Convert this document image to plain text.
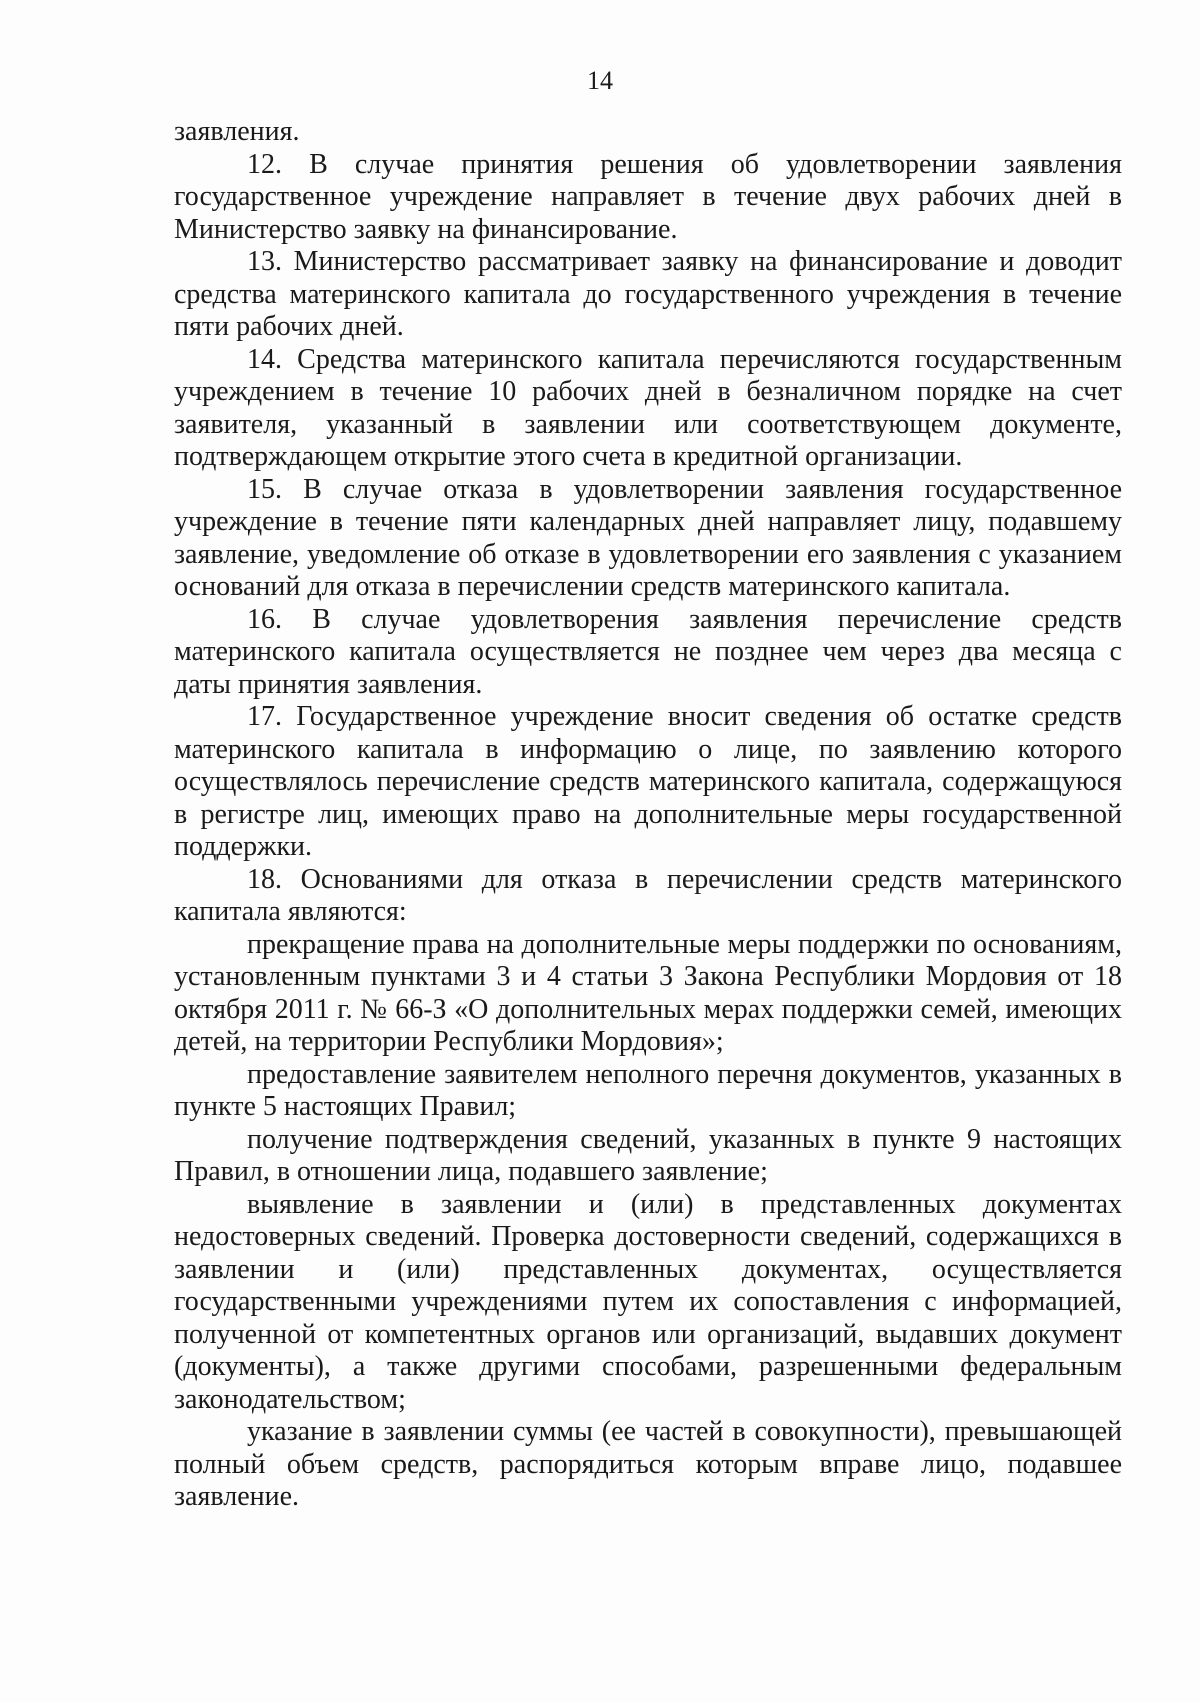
14

заявления.

12. В случае принятия решения об удовлетворении заявления государственное учреждение направляет в течение двух рабочих дней в Министерство заявку на финансирование.

13. Министерство рассматривает заявку на финансирование и доводит средства материнского капитала до государственного учреждения в течение пяти рабочих дней.

14. Средства материнского капитала перечисляются государственным учреждением в течение 10 рабочих дней в безналичном порядке на счет заявителя, указанный в заявлении или соответствующем документе, подтверждающем открытие этого счета в кредитной организации.

15. В случае отказа в удовлетворении заявления государственное учреждение в течение пяти календарных дней направляет лицу, подавшему заявление, уведомление об отказе в удовлетворении его заявления с указанием оснований для отказа в перечислении средств материнского капитала.

16. В случае удовлетворения заявления перечисление средств материнского капитала осуществляется не позднее чем через два месяца с даты принятия заявления.

17. Государственное учреждение вносит сведения об остатке средств материнского капитала в информацию о лице, по заявлению которого осуществлялось перечисление средств материнского капитала, содержащуюся в регистре лиц, имеющих право на дополнительные меры государственной поддержки.

18. Основаниями для отказа в перечислении средств материнского капитала являются:

прекращение права на дополнительные меры поддержки по основаниям, установленным пунктами 3 и 4 статьи 3 Закона Республики Мордовия от 18 октября 2011 г. № 66-З «О дополнительных мерах поддержки семей, имеющих детей, на территории Республики Мордовия»;

предоставление заявителем неполного перечня документов, указанных в пункте 5 настоящих Правил;

получение подтверждения сведений, указанных в пункте 9 настоящих Правил, в отношении лица, подавшего заявление;

выявление в заявлении и (или) в представленных документах недостоверных сведений. Проверка достоверности сведений, содержащихся в заявлении и (или) представленных документах, осуществляется государственными учреждениями путем их сопоставления с информацией, полученной от компетентных органов или организаций, выдавших документ (документы), а также другими способами, разрешенными федеральным законодательством;

указание в заявлении суммы (ее частей в совокупности), превышающей полный объем средств, распорядиться которым вправе лицо, подавшее заявление.
